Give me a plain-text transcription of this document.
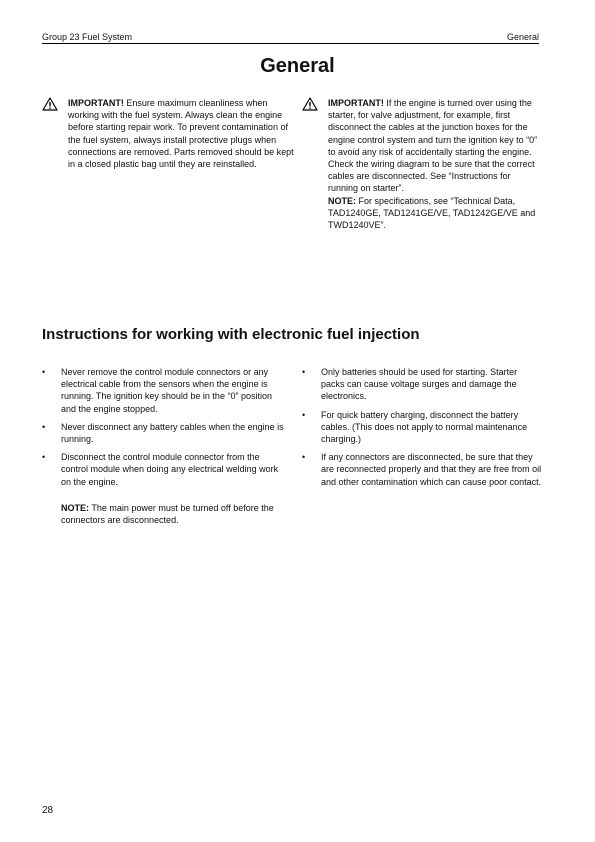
Group 23 Fuel System	General
General

IMPORTANT! Ensure maximum cleanliness when working with the fuel system. Always clean the engine before starting repair work. To prevent contamination of the fuel system, always install protective plugs when connections are removed. Parts removed should be kept in a closed plastic bag until they are reinstalled.

IMPORTANT! If the engine is turned over using the starter, for valve adjustment, for example, first disconnect the cables at the junction boxes for the engine control system and turn the ignition key to “0” to avoid any risk of accidentally starting the engine. Check the wiring diagram to be sure that the correct cables are disconnected. See “Instructions for running on starter”.

NOTE: For specifications, see “Technical Data, TAD1240GE, TAD1241GE/VE, TAD1242GE/VE and TWD1240VE”.

Instructions for working with electronic fuel injection
•	Never remove the control module connectors or any electrical cable from the sensors when the engine is running. The ignition key should be in the “0” position and the engine stopped.
•	Never disconnect any battery cables when the engine is running.
•	Disconnect the control module connector from the control module when doing any electrical welding work on the engine.
NOTE: The main power must be turned off before the connectors are disconnected.
•	Only batteries should be used for starting. Starter packs can cause voltage surges and damage the electronics.
•	For quick battery charging, disconnect the battery cables. (This does not apply to normal maintenance charging.)
•	If any connectors are disconnected, be sure that they are reconnected properly and that they are free from oil and other contamination which can cause poor contact.
28
